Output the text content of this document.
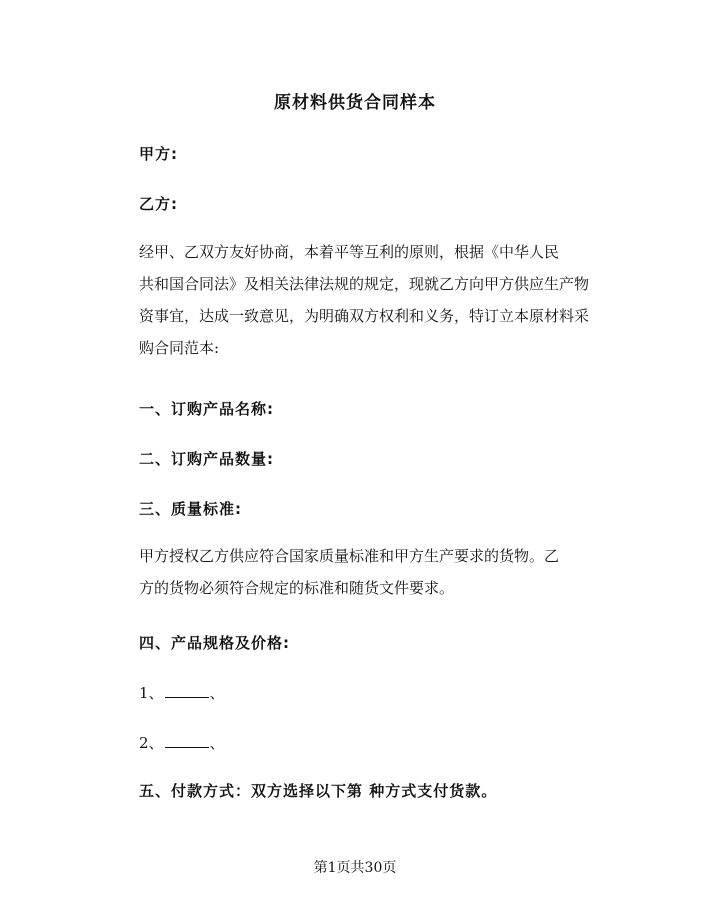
原材料供货合同样本
甲方:
乙方:
经甲、乙双方友好协商，本着平等互利的原则，根据《中华人民
共和国合同法》及相关法律法规的规定，现就乙方向甲方供应生产物
资事宜，达成一致意见，为明确双方权利和义务，特订立本原材料采
购合同范本:
一、订购产品名称:
二、订购产品数量:
三、质量标准:
甲方授权乙方供应符合国家质量标准和甲方生产要求的货物。乙
方的货物必须符合规定的标准和随货文件要求。
四、产品规格及价格:
1、	、
2、	、
五、付款方式：双方选择以下第 种方式支付货款。
第1页共30页
